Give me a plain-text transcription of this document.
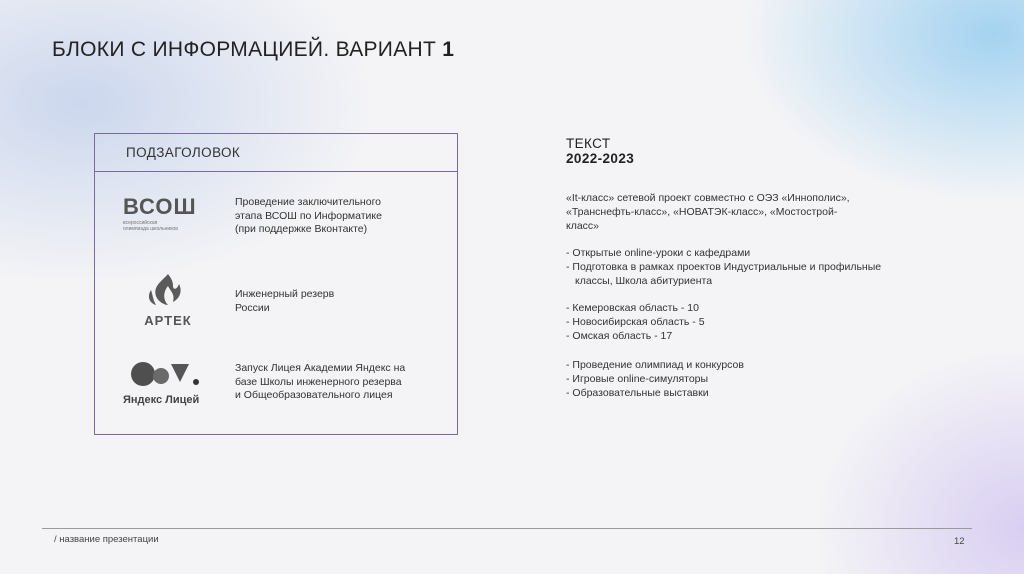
БЛОКИ С ИНФОРМАЦИЕЙ. ВАРИАНТ 1
ПОДЗАГОЛОВОК
ВСОШ
всероссийская олимпиада школьников
Проведение заключительного
этапа ВСОШ по Информатике
(при поддержке Вконтакте)
АРТЕК
Инженерный резерв
России
Яндекс Лицей
Запуск Лицея Академии Яндекс на
базе Школы инженерного резерва
и Общеобразовательного лицея
ТЕКСТ
2022-2023
«It-класс» сетевой проект совместно с ОЭЗ «Иннополис»,
«Транснефть-класс», «НОВАТЭК-класс», «Мостострой-
класс»
- Открытые online-уроки с кафедрами
- Подготовка в рамках проектов Индустриальные и профильные
классы, Школа абитуриента
- Кемеровская область - 10
- Новосибирская область - 5
- Омская область - 17
- Проведение олимпиад и конкурсов
- Игровые online-симуляторы
- Образовательные выставки
/ название презентации	12
